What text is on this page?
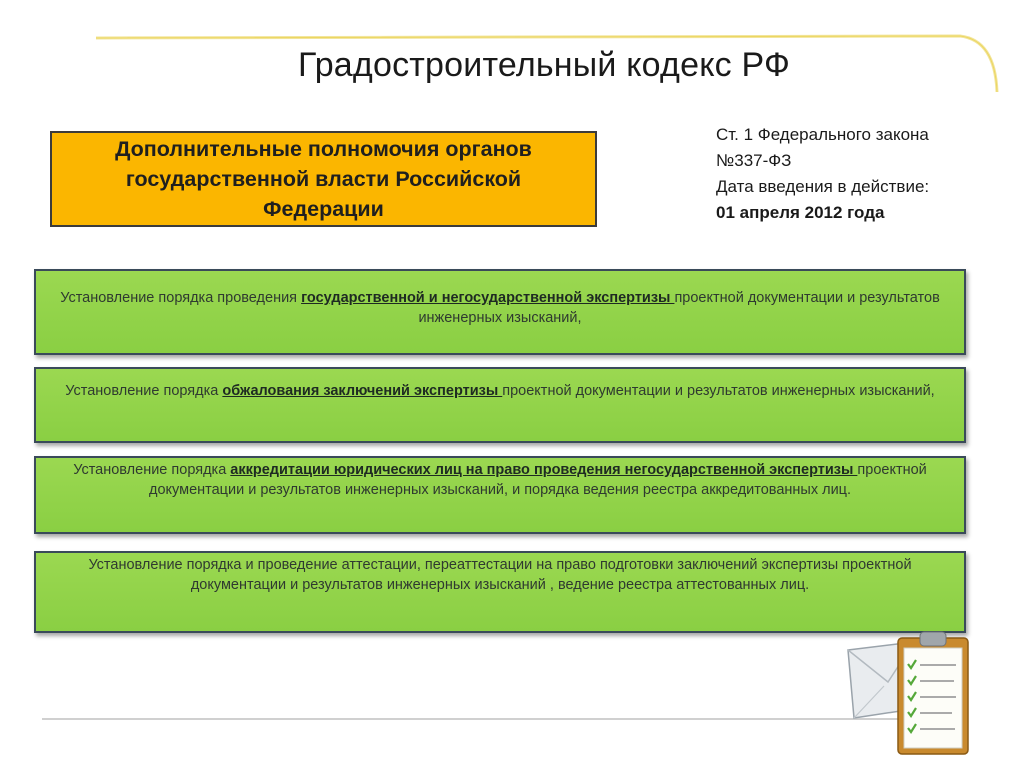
Градостроительный кодекс РФ
Дополнительные полномочия органов государственной власти Российской Федерации
Ст. 1 Федерального закона
№337-ФЗ
Дата введения в действие:
01 апреля 2012 года
Установление порядка проведения государственной и негосударственной экспертизы проектной документации и результатов инженерных изысканий,
Установление порядка обжалования заключений экспертизы проектной документации и результатов инженерных изысканий,
Установление порядка аккредитации юридических лиц на право проведения негосударственной экспертизы проектной документации и результатов инженерных изысканий, и порядка ведения реестра аккредитованных лиц.
Установление порядка и проведение аттестации, переаттестации на право подготовки заключений экспертизы проектной документации и результатов инженерных изысканий , ведение реестра аттестованных лиц.
